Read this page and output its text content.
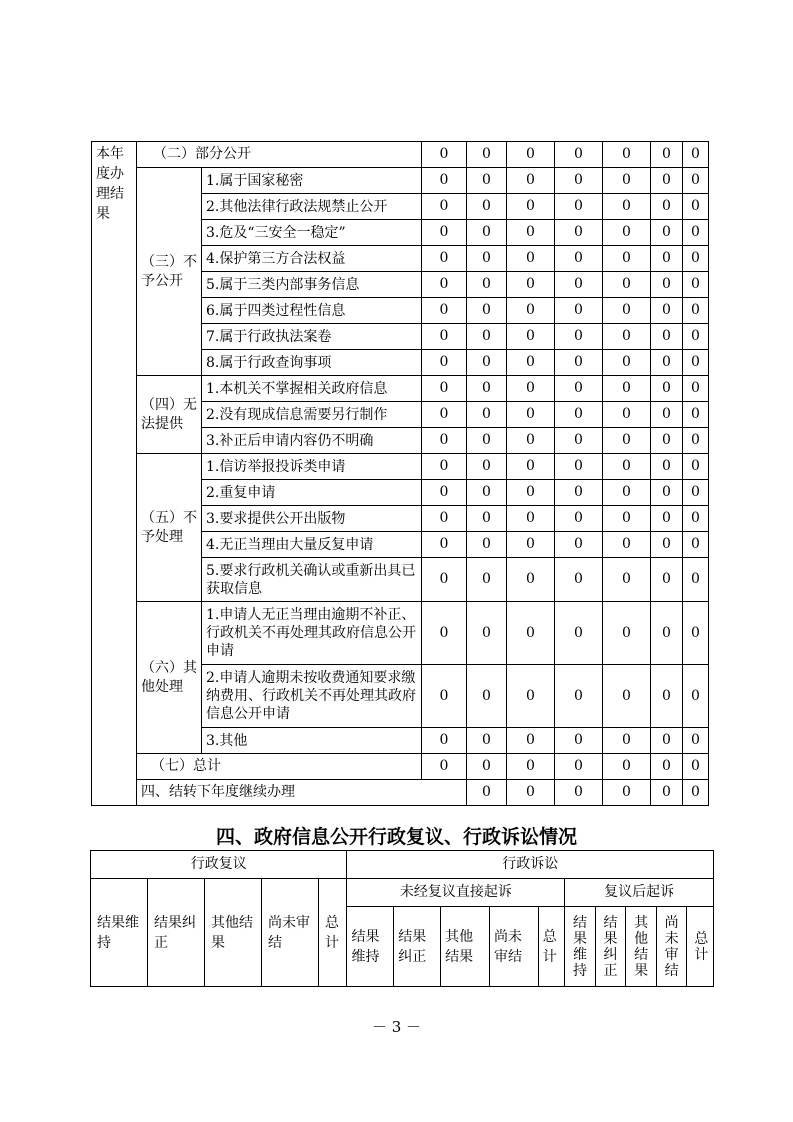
本年度办理结果	（二）部分公开		0	0	0	0	0	0	0	
	（三）不予公开	1.属于国家秘密	0	0	0	0	0	0	0	
		2.其他法律行政法规禁止公开	0	0	0	0	0	0	0	
		3.危及“三安全一稳定”	0	0	0	0	0	0	0	
		4.保护第三方合法权益	0	0	0	0	0	0	0	
		5.属于三类内部事务信息	0	0	0	0	0	0	0	
		6.属于四类过程性信息	0	0	0	0	0	0	0	
		7.属于行政执法案卷	0	0	0	0	0	0	0	
		8.属于行政查询事项	0	0	0	0	0	0	0	
	（四）无法提供	1.本机关不掌握相关政府信息	0	0	0	0	0	0	0	
		2.没有现成信息需要另行制作	0	0	0	0	0	0	0	
		3.补正后申请内容仍不明确	0	0	0	0	0	0	0	
	（五）不予处理	1.信访举报投诉类申请	0	0	0	0	0	0	0	
		2.重复申请	0	0	0	0	0	0	0	
		3.要求提供公开出版物	0	0	0	0	0	0	0	
		4.无正当理由大量反复申请	0	0	0	0	0	0	0	
		5.要求行政机关确认或重新出具已获取信息	0	0	0	0	0	0	0	
	（六）其他处理	1.申请人无正当理由逾期不补正、行政机关不再处理其政府信息公开申请	0	0	0	0	0	0	0	
		2.申请人逾期未按收费通知要求缴纳费用、行政机关不再处理其政府信息公开申请	0	0	0	0	0	0	0	
		3.其他	0	0	0	0	0	0	0	
	（七）总计		0	0	0	0	0	0	0	
	四、结转下年度继续办理			0	0	0	0	0	0	
四、政府信息公开行政复议、行政诉讼情况
行政复议					行政诉讼									
结果维持	结果纠正	其他结果	尚未审结	总计	未经复议直接起诉					复议后起诉				
					结果维持	结果纠正	其他结果	尚未审结	总计	结果维持	结果纠正	其他结果	尚未审结	总计
－ 3 －
